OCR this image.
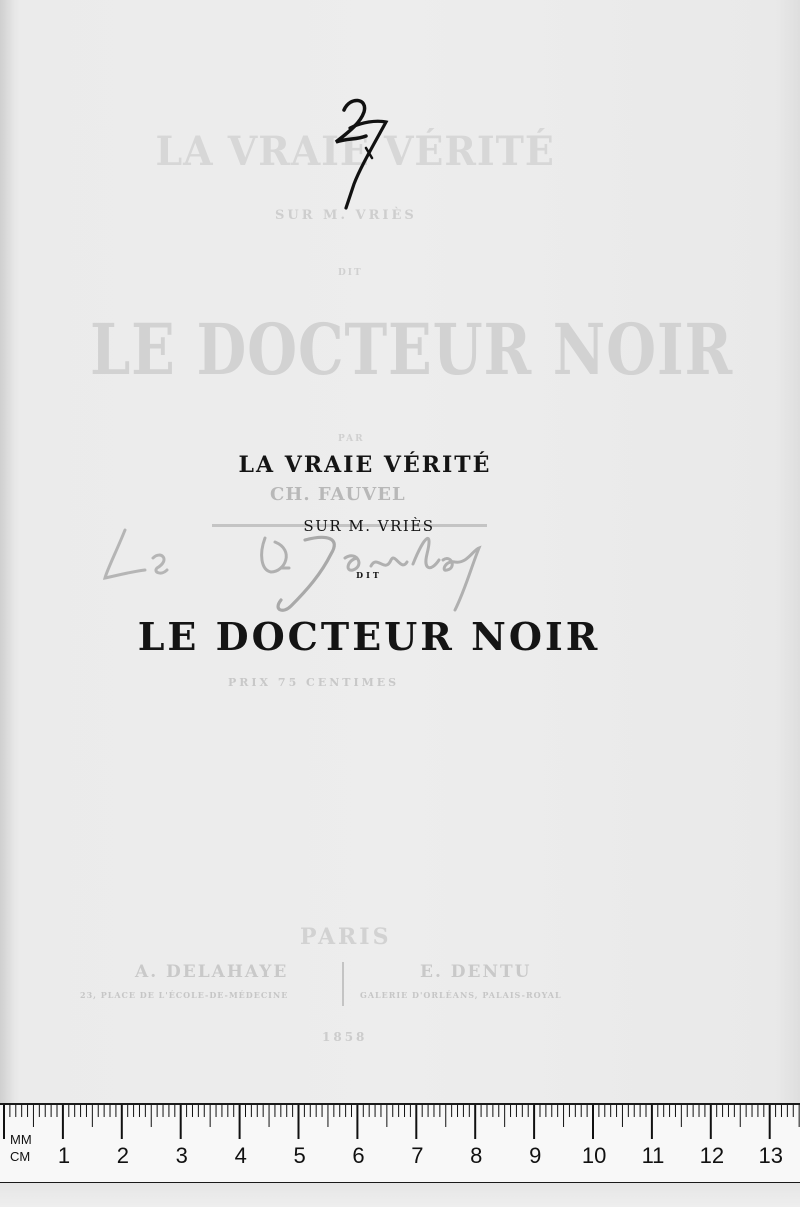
LA VRAIE VÉRITÉ
SUR M. VRIÈS
DIT
LE DOCTEUR NOIR
PAR
CH. FAUVEL
PRIX 75 CENTIMES
PARIS
A. DELAHAYE	E. DENTU
23, PLACE DE L'ÉCOLE-DE-MÉDECINE	GALERIE D'ORLÉANS, PALAIS-ROYAL
1858
LA VRAIE VÉRITÉ
SUR M. VRIÈS
DIT
LE DOCTEUR NOIR
MM
CM 1 2 3 4 5 6 7 8 9 10 11 12 13
